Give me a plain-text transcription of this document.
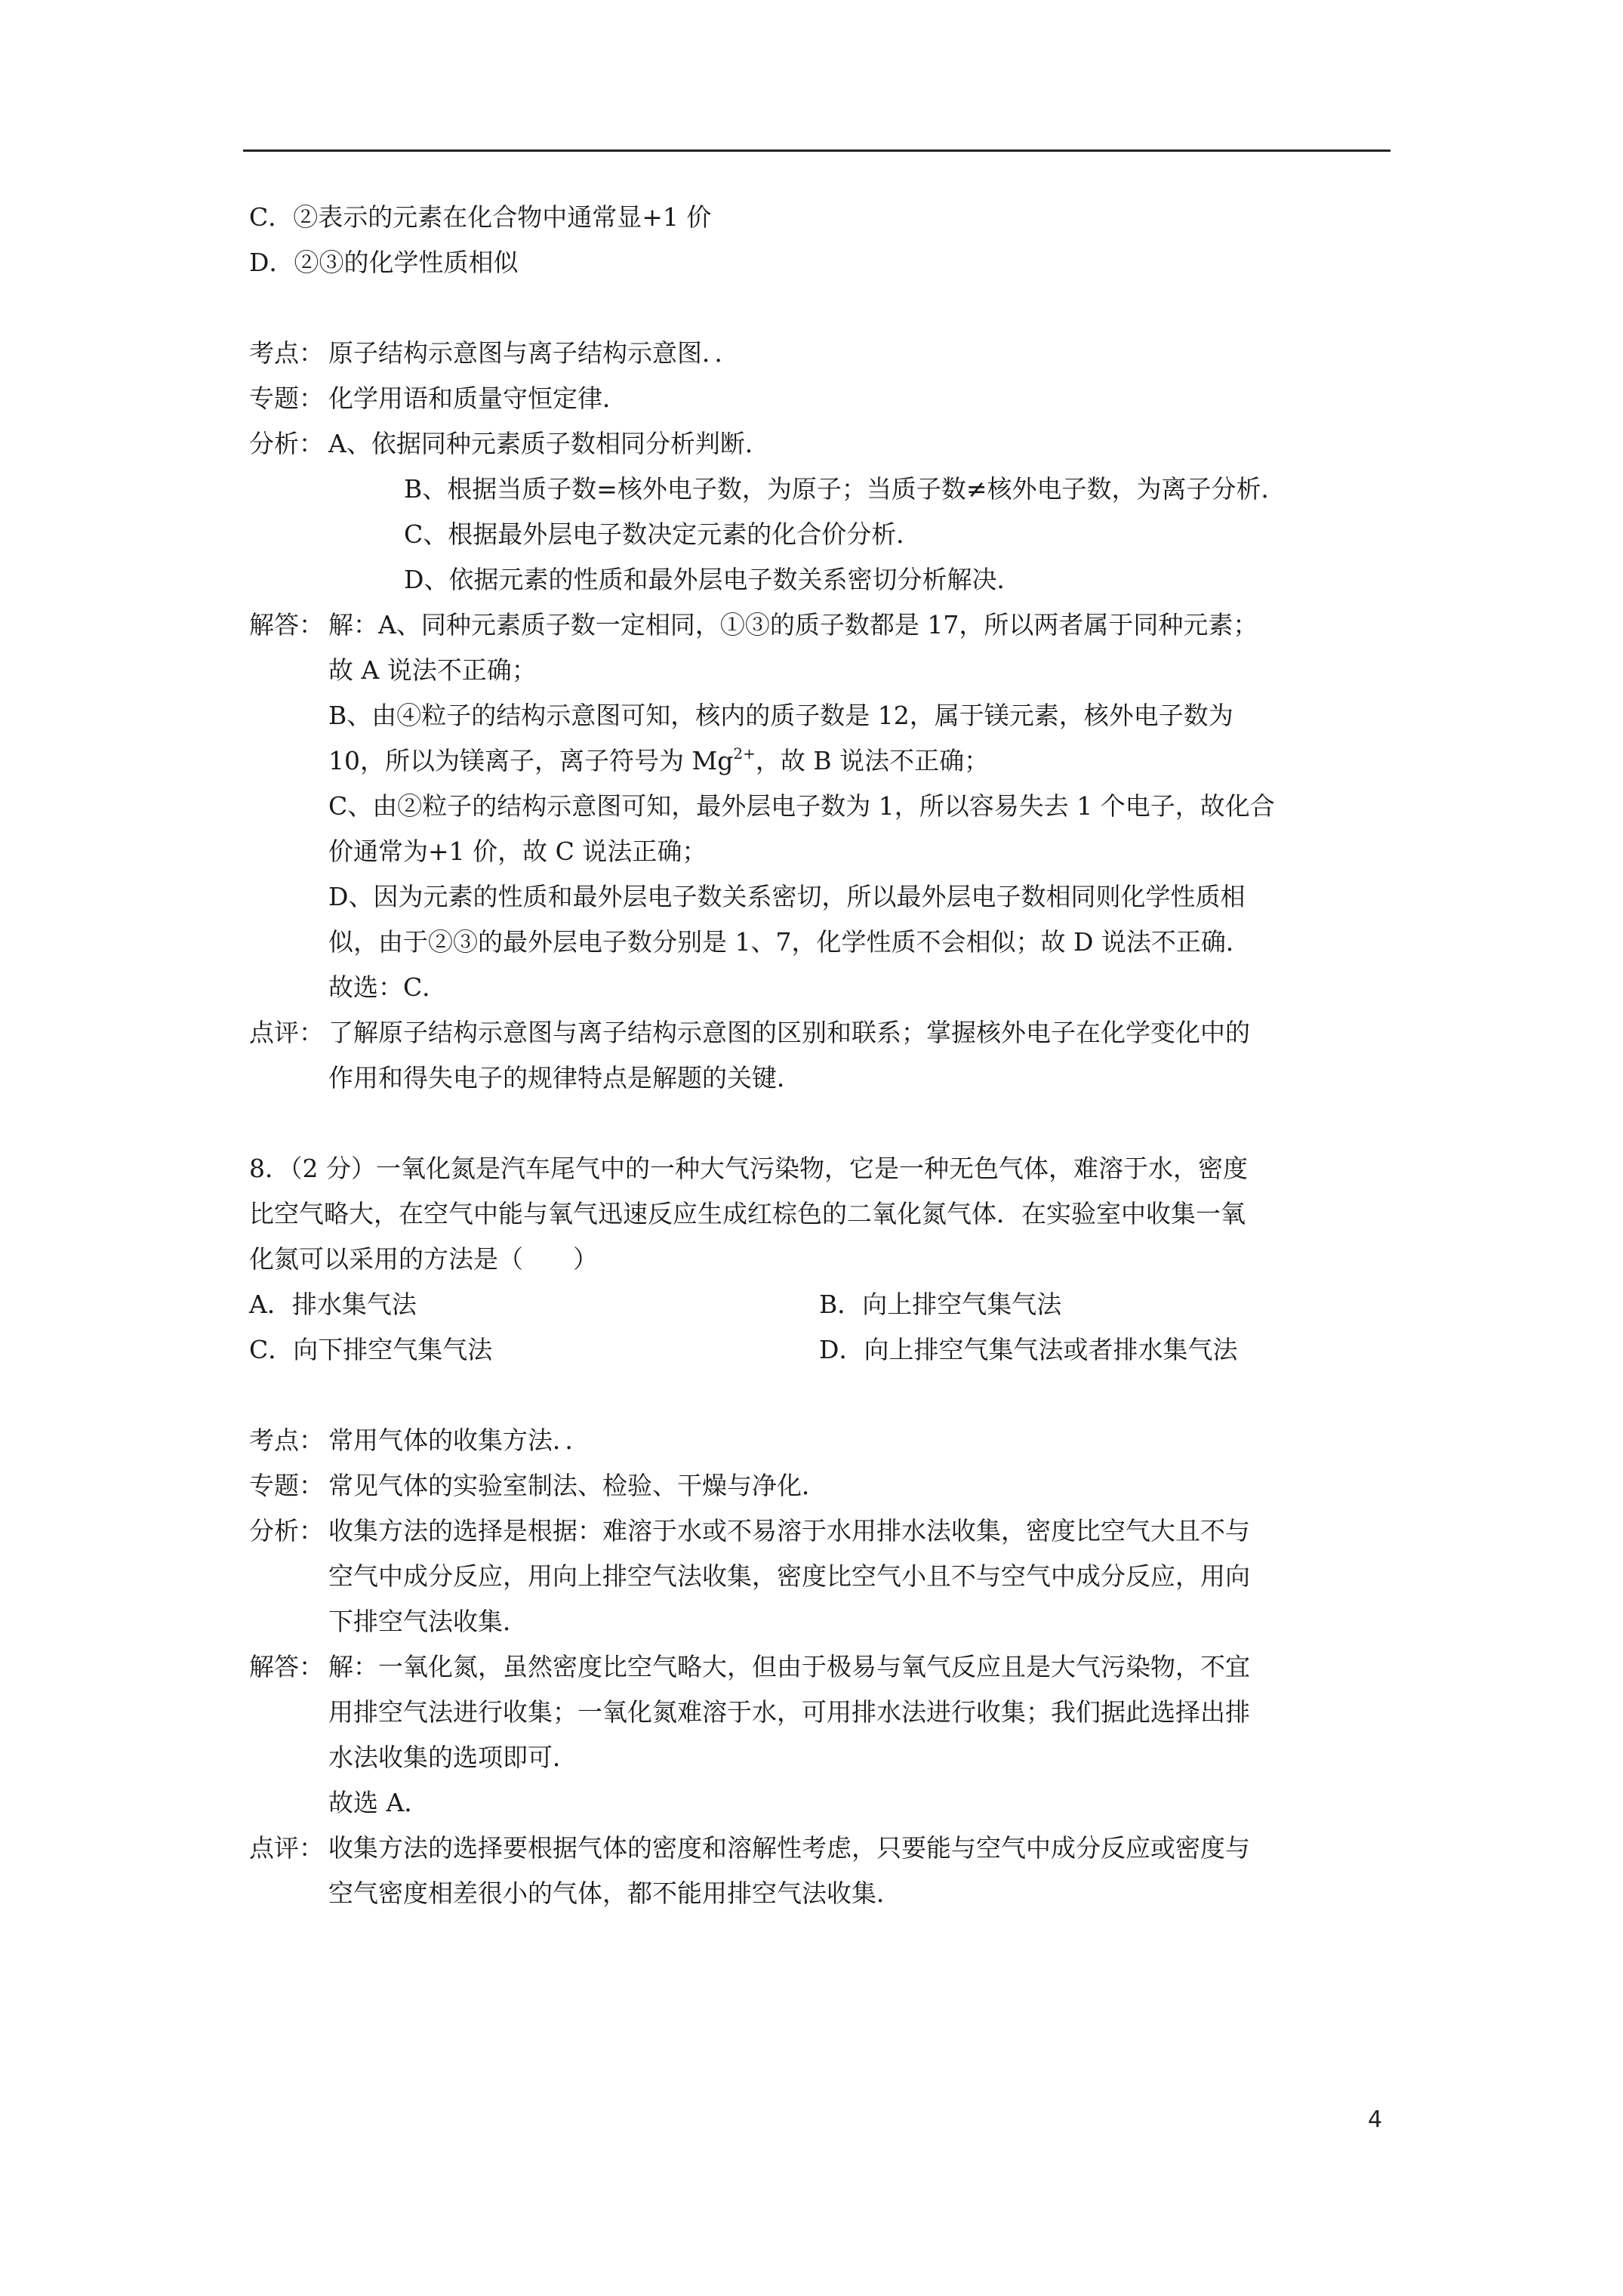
C．②表示的元素在化合物中通常显+1 价
D．②③的化学性质相似
考点： 原子结构示意图与离子结构示意图．．
专题： 化学用语和质量守恒定律．
分析： A、依据同种元素质子数相同分析判断．
B、根据当质子数=核外电子数，为原子；当质子数≠核外电子数，为离子分析．
C、根据最外层电子数决定元素的化合价分析．
D、依据元素的性质和最外层电子数关系密切分析解决．
解答： 解：A、同种元素质子数一定相同，①③的质子数都是 17，所以两者属于同种元素；
故 A 说法不正确；
B、由④粒子的结构示意图可知，核内的质子数是 12，属于镁元素，核外电子数为
10，所以为镁离子，离子符号为 $Mg^{2+}$，故 B 说法不正确；
C、由②粒子的结构示意图可知，最外层电子数为 1，所以容易失去 1 个电子，故化合
价通常为+1 价，故 C 说法正确；
D、因为元素的性质和最外层电子数关系密切，所以最外层电子数相同则化学性质相
似，由于②③的最外层电子数分别是 1、7，化学性质不会相似；故 D 说法不正确．
故选：C．
点评： 了解原子结构示意图与离子结构示意图的区别和联系；掌握核外电子在化学变化中的
作用和得失电子的规律特点是解题的关键．
8．（2 分）一氧化氮是汽车尾气中的一种大气污染物，它是一种无色气体，难溶于水，密度
比空气略大，在空气中能与氧气迅速反应生成红棕色的二氧化氮气体．在实验室中收集一氧
化氮可以采用的方法是（　　）
A．排水集气法	B．向上排空气集气法
C．向下排空气集气法	D．向上排空气集气法或者排水集气法
考点： 常用气体的收集方法．．
专题： 常见气体的实验室制法、检验、干燥与净化．
分析： 收集方法的选择是根据：难溶于水或不易溶于水用排水法收集，密度比空气大且不与
空气中成分反应，用向上排空气法收集，密度比空气小且不与空气中成分反应，用向
下排空气法收集．
解答： 解：一氧化氮，虽然密度比空气略大，但由于极易与氧气反应且是大气污染物，不宜
用排空气法进行收集；一氧化氮难溶于水，可用排水法进行收集；我们据此选择出排
水法收集的选项即可．
故选 A．
点评： 收集方法的选择要根据气体的密度和溶解性考虑，只要能与空气中成分反应或密度与
空气密度相差很小的气体，都不能用排空气法收集．
4
